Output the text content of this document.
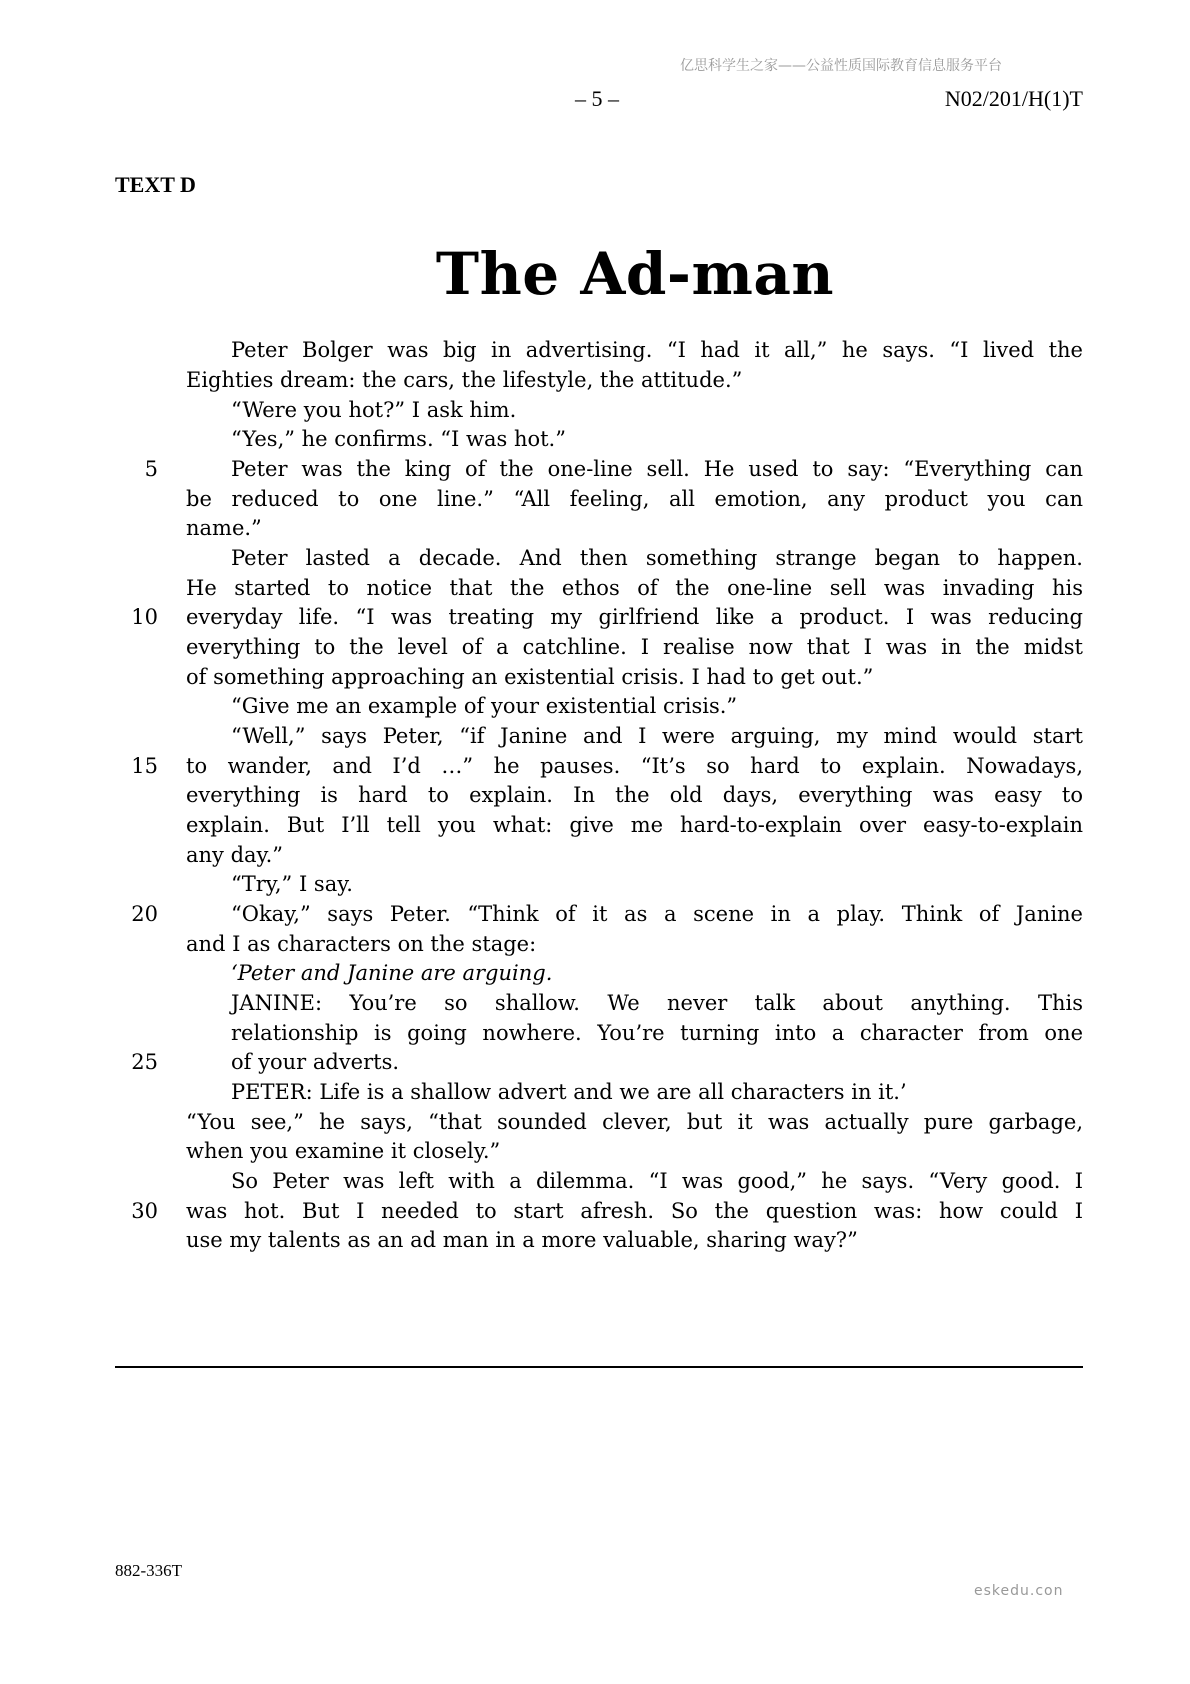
亿思科学生之家——公益性质国际教育信息服务平台
– 5 –	N02/201/H(1)T
TEXT D
The Ad-man
Peter Bolger was big in advertising. “I had it all,” he says. “I lived the
Eighties dream: the cars, the lifestyle, the attitude.”
“Were you hot?” I ask him.
“Yes,” he confirms. “I was hot.”
Peter was the king of the one-line sell. He used to say: “Everything can
be reduced to one line.” “All feeling, all emotion, any product you can
name.”
Peter lasted a decade. And then something strange began to happen.
He started to notice that the ethos of the one-line sell was invading his
everyday life. “I was treating my girlfriend like a product. I was reducing
everything to the level of a catchline. I realise now that I was in the midst
of something approaching an existential crisis. I had to get out.”
“Give me an example of your existential crisis.”
“Well,” says Peter, “if Janine and I were arguing, my mind would start
to wander, and I’d …” he pauses. “It’s so hard to explain. Nowadays,
everything is hard to explain. In the old days, everything was easy to
explain. But I’ll tell you what: give me hard-to-explain over easy-to-explain
any day.”
“Try,” I say.
“Okay,” says Peter. “Think of it as a scene in a play. Think of Janine
and I as characters on the stage:
‘Peter and Janine are arguing.
JANINE: You’re so shallow. We never talk about anything. This
relationship is going nowhere. You’re turning into a character from one
of your adverts.
PETER: Life is a shallow advert and we are all characters in it.’
“You see,” he says, “that sounded clever, but it was actually pure garbage,
when you examine it closely.”
So Peter was left with a dilemma. “I was good,” he says. “Very good. I
was hot. But I needed to start afresh. So the question was: how could I
use my talents as an ad man in a more valuable, sharing way?”
5
10
15
20
25
30
882-336T
eskedu.con
